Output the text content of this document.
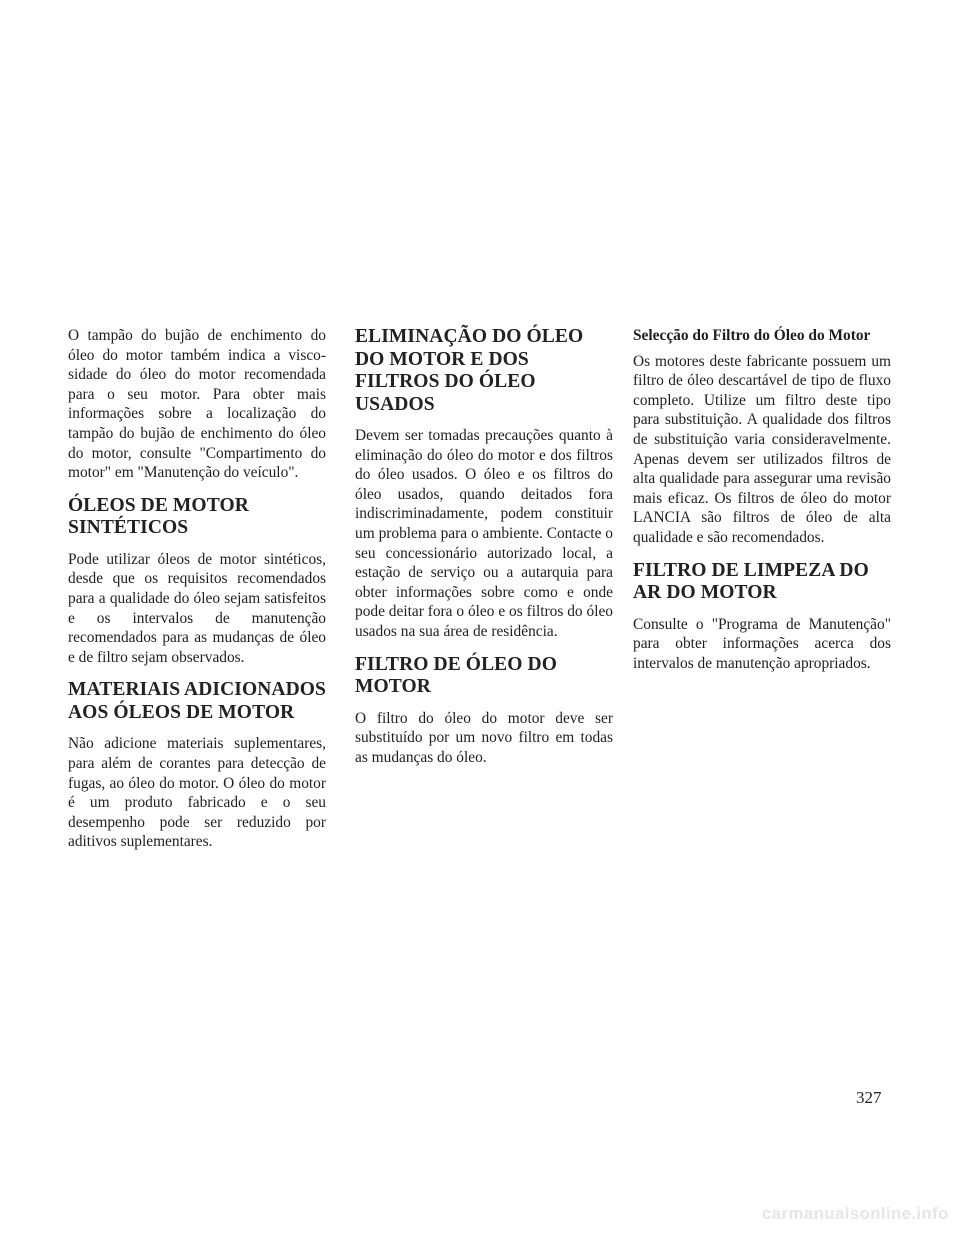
O tampão do bujão de enchimento do óleo do motor também indica a viscosidade do óleo do motor recomendada para o seu motor. Para obter mais informações sobre a localização do tampão do bujão de enchimento do óleo do motor, consulte "Compartimento do motor" em "Manutenção do veículo".

ÓLEOS DE MOTOR SINTÉTICOS

Pode utilizar óleos de motor sintéticos, desde que os requisitos recomendados para a qualidade do óleo sejam satisfeitos e os intervalos de manutenção recomendados para as mudanças de óleo e de filtro sejam observados.

MATERIAIS ADICIONADOS AOS ÓLEOS DE MOTOR

Não adicione materiais suplementares, para além de corantes para detecção de fugas, ao óleo do motor. O óleo do motor é um produto fabricado e o seu desempenho pode ser reduzido por aditivos suplementares.

ELIMINAÇÃO DO ÓLEO DO MOTOR E DOS FILTROS DO ÓLEO USADOS

Devem ser tomadas precauções quanto à eliminação do óleo do motor e dos filtros do óleo usados. O óleo e os filtros do óleo usados, quando deitados fora indiscriminadamente, podem constituir um problema para o ambiente. Contacte o seu concessionário autorizado local, a estação de serviço ou a autarquia para obter informações sobre como e onde pode deitar fora o óleo e os filtros do óleo usados na sua área de residência.

FILTRO DE ÓLEO DO MOTOR

O filtro do óleo do motor deve ser substituído por um novo filtro em todas as mudanças do óleo.

Selecção do Filtro do Óleo do Motor

Os motores deste fabricante possuem um filtro de óleo descartável de tipo de fluxo completo. Utilize um filtro deste tipo para substituição. A qualidade dos filtros de substituição varia consideravelmente. Apenas devem ser utilizados filtros de alta qualidade para assegurar uma revisão mais eficaz. Os filtros de óleo do motor LANCIA são filtros de óleo de alta qualidade e são recomendados.

FILTRO DE LIMPEZA DO AR DO MOTOR

Consulte o "Programa de Manutenção" para obter informações acerca dos intervalos de manutenção apropriados.

327
carmanualsonline.info
